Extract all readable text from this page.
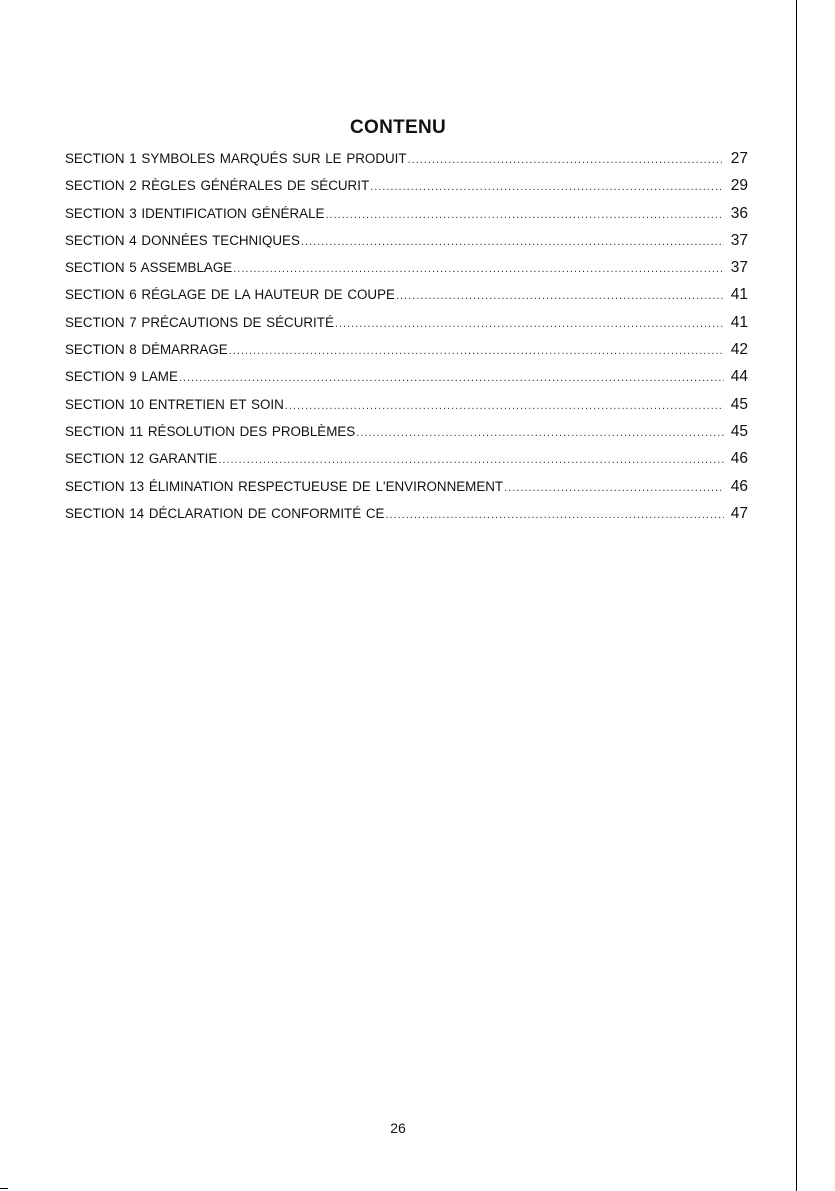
CONTENU
SECTION 1 SYMBOLES MARQUÉS SUR LE PRODUIT .....	27
SECTION 2 RÈGLES GÉNÉRALES DE SÉCURIT .....	29
SECTION 3 IDENTIFICATION GÉNÉRALE .....	36
SECTION 4 DONNÉES TECHNIQUES .....	37
SECTION 5 ASSEMBLAGE .....	37
SECTION 6 RÉGLAGE DE LA HAUTEUR DE COUPE .....	41
SECTION 7 PRÉCAUTIONS DE SÉCURITÉ .....	41
SECTION 8 DÉMARRAGE .....	42
SECTION 9 LAME .....	44
SECTION 10 ENTRETIEN ET SOIN .....	45
SECTION 11 RÉSOLUTION DES PROBLÈMES .....	45
SECTION 12 GARANTIE .....	46
SECTION 13 ÉLIMINATION RESPECTUEUSE DE L'ENVIRONNEMENT .....	46
SECTION 14 DÉCLARATION DE CONFORMITÉ CE .....	47
26
